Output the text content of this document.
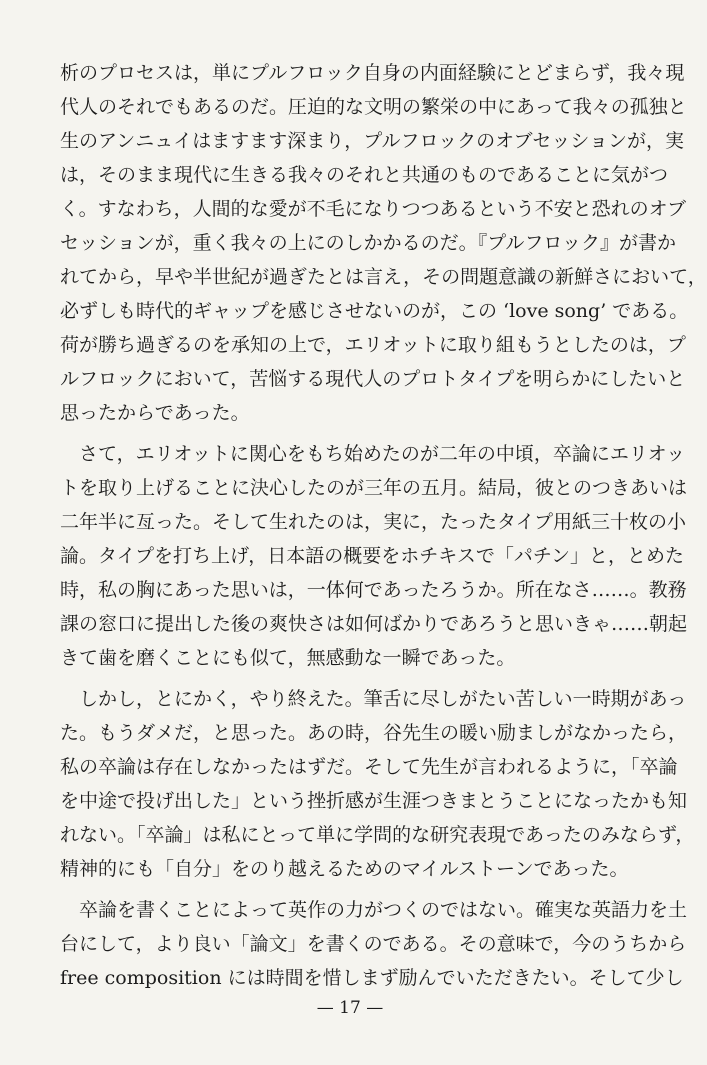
析のプロセスは，単にプルフロック自身の内面経験にとどまらず，我々現
代人のそれでもあるのだ。圧迫的な文明の繁栄の中にあって我々の孤独と
生のアンニュイはますます深まり，プルフロックのオブセッションが，実
は，そのまま現代に生きる我々のそれと共通のものであることに気がつ
く。すなわち，人間的な愛が不毛になりつつあるという不安と恐れのオブ
セッションが，重く我々の上にのしかかるのだ。『プルフロック』が書か
れてから，早や半世紀が過ぎたとは言え，その問題意識の新鮮さにおいて，
必ずしも時代的ギャップを感じさせないのが，この ‘love song’ である。
荷が勝ち過ぎるのを承知の上で，エリオットに取り組もうとしたのは，プ
ルフロックにおいて，苦悩する現代人のプロトタイプを明らかにしたいと
思ったからであった。
さて，エリオットに関心をもち始めたのが二年の中頃，卒論にエリオッ
トを取り上げることに決心したのが三年の五月。結局，彼とのつきあいは
二年半に亙った。そして生れたのは，実に，たったタイプ用紙三十枚の小
論。タイプを打ち上げ，日本語の概要をホチキスで「パチン」と，とめた
時，私の胸にあった思いは，一体何であったろうか。所在なさ……。教務
課の窓口に提出した後の爽快さは如何ばかりであろうと思いきゃ……朝起
きて歯を磨くことにも似て，無感動な一瞬であった。
しかし，とにかく，やり終えた。筆舌に尽しがたい苦しい一時期があっ
た。もうダメだ，と思った。あの時，谷先生の暖い励ましがなかったら，
私の卒論は存在しなかったはずだ。そして先生が言われるように，「卒論
を中途で投げ出した」という挫折感が生涯つきまとうことになったかも知
れない。「卒論」は私にとって単に学問的な研究表現であったのみならず，
精神的にも「自分」をのり越えるためのマイルストーンであった。
卒論を書くことによって英作の力がつくのではない。確実な英語力を土
台にして，より良い「論文」を書くのである。その意味で，今のうちから
free composition には時間を惜しまず励んでいただきたい。そして少し
— 17 —
